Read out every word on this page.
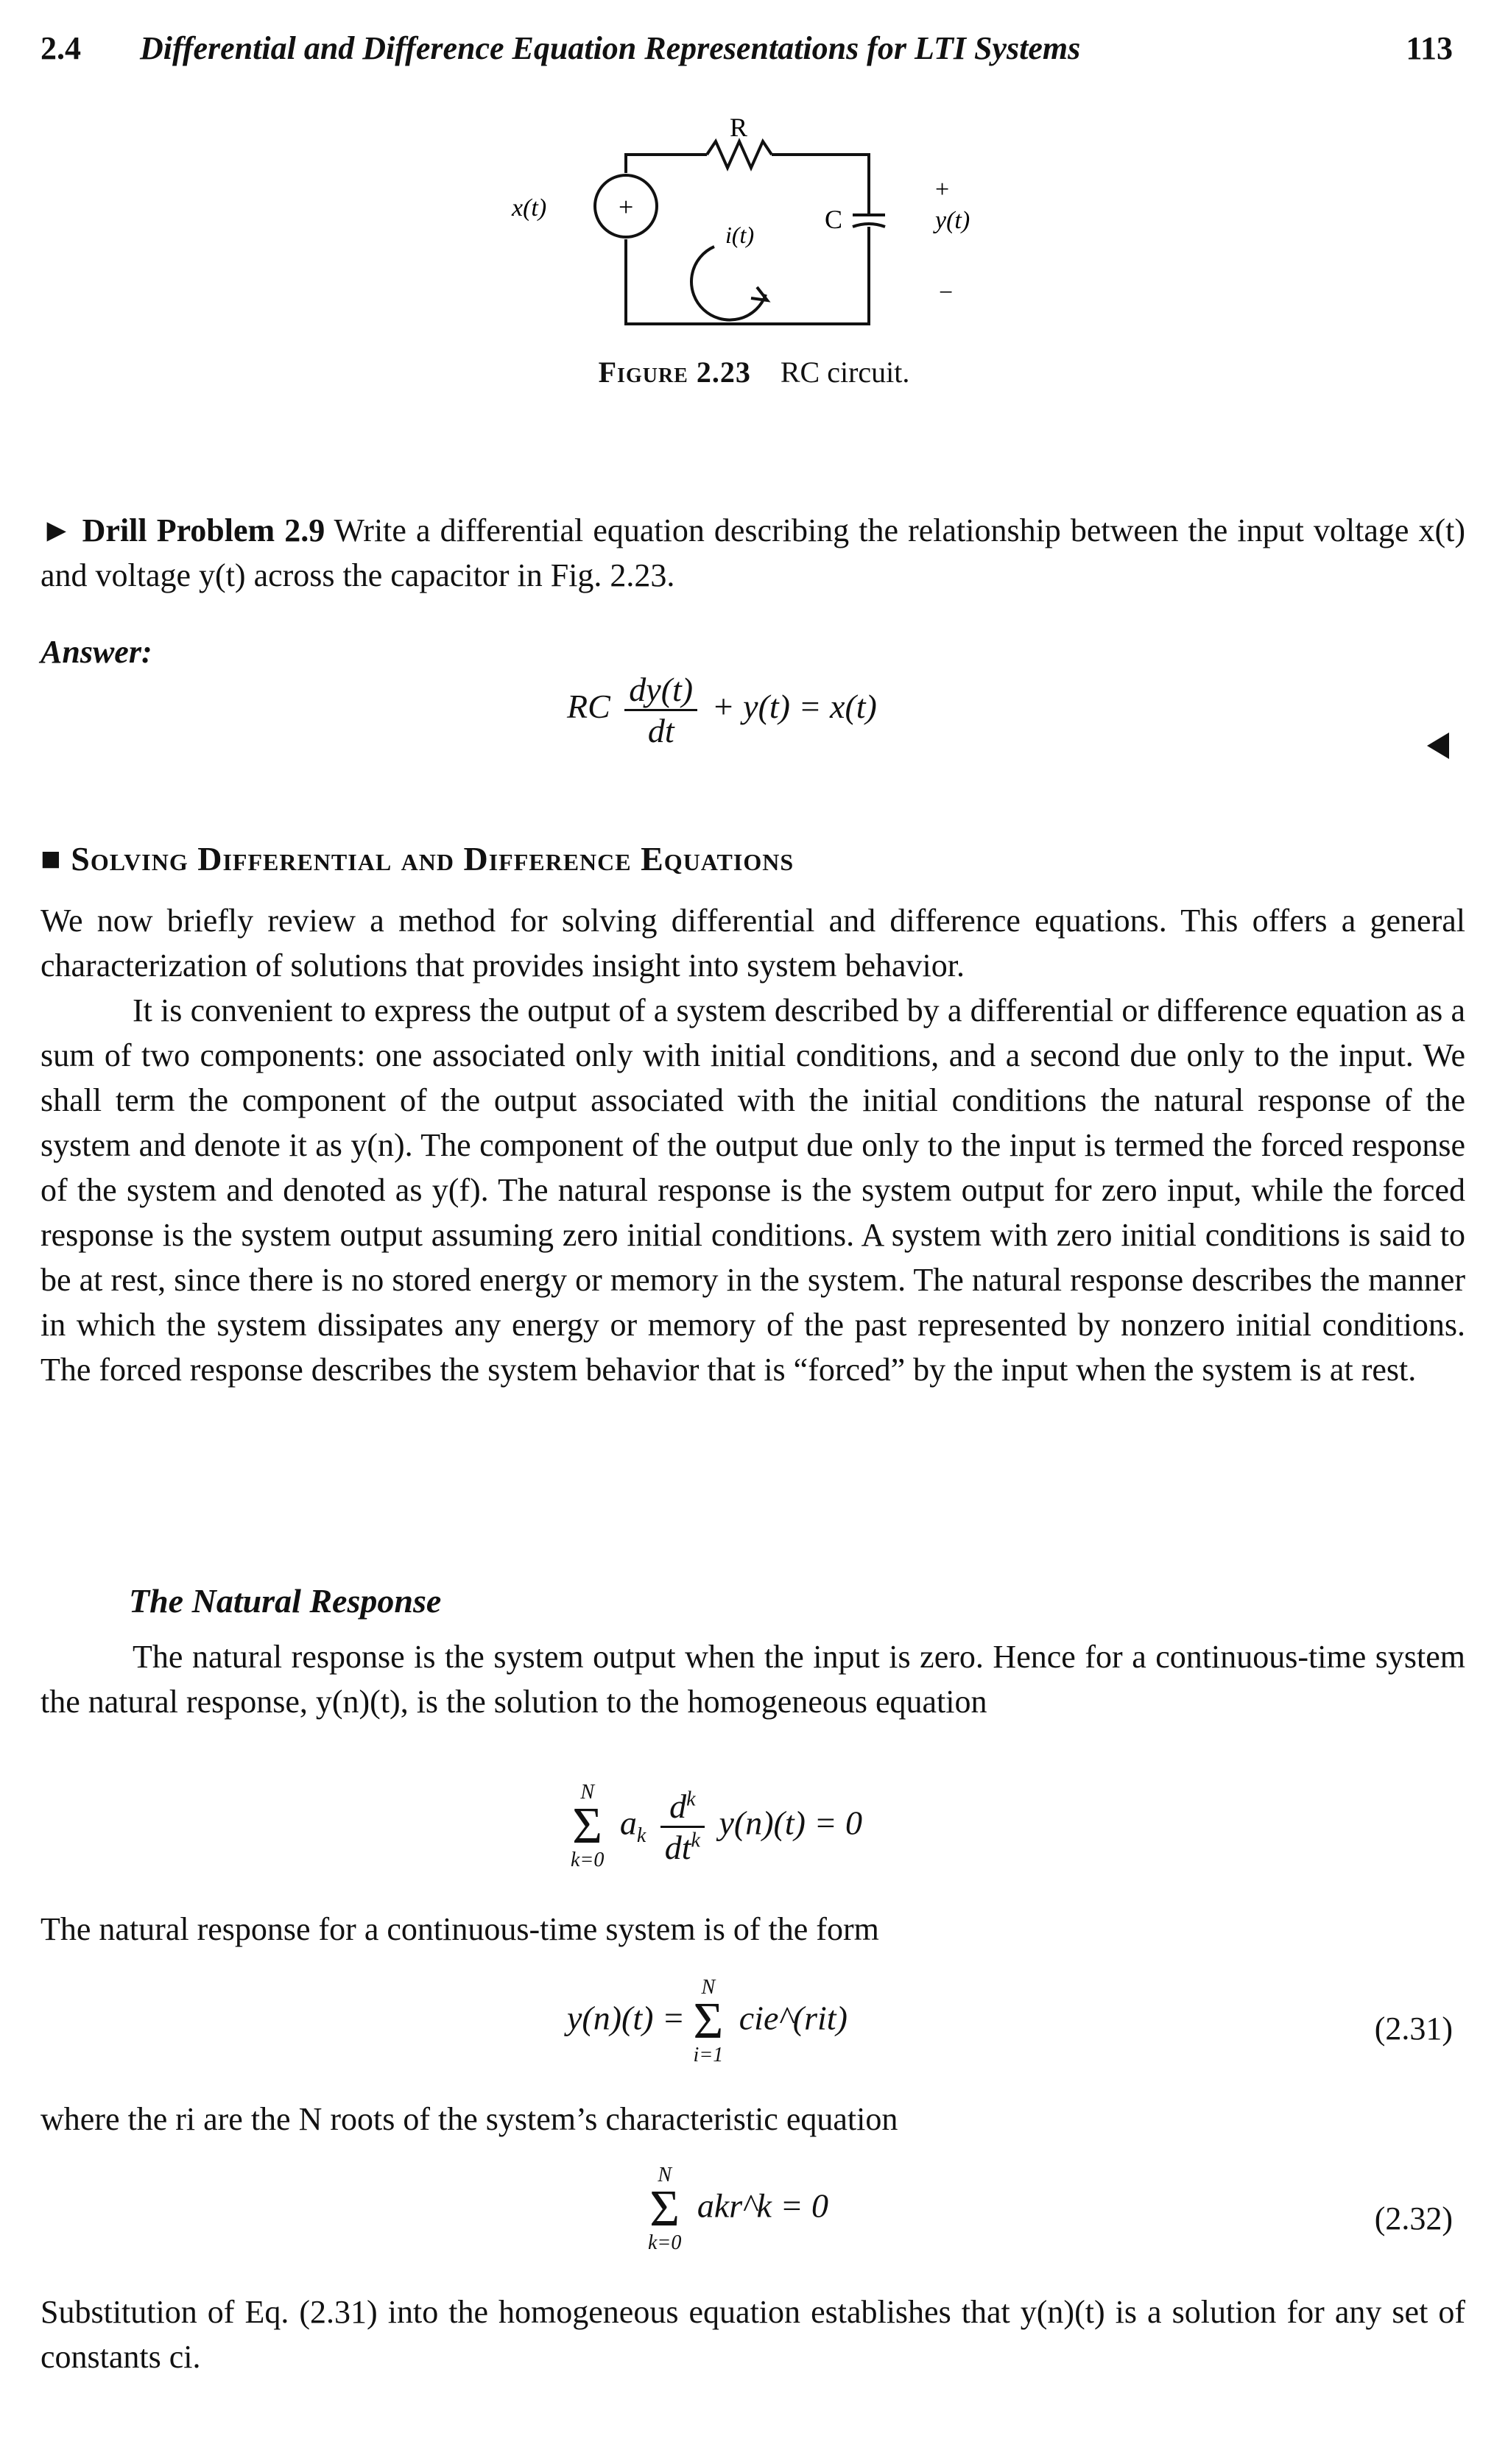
2.4 Differential and Difference Equation Representations for LTI Systems	113
R
+
x(t)
i(t)
C	y(t)
+
−
Figure 2.23 RC circuit.
► Drill Problem 2.9 Write a differential equation describing the relationship between the input voltage x(t) and voltage y(t) across the capacitor in Fig. 2.23.
Answer:
RC $\frac{dy(t)}{dt} + y(t) = x(t)$
■ Solving Differential and Difference Equations
We now briefly review a method for solving differential and difference equations. This offers a general characterization of solutions that provides insight into system behavior.
It is convenient to express the output of a system described by a differential or difference equation as a sum of two components: one associated only with initial conditions, and a second due only to the input. We shall term the component of the output associated with the initial conditions the natural response of the system and denote it as y(n). The component of the output due only to the input is termed the forced response of the system and denoted as y(f). The natural response is the system output for zero input, while the forced response is the system output assuming zero initial conditions. A system with zero initial conditions is said to be at rest, since there is no stored energy or memory in the system. The natural response describes the manner in which the system dissipates any energy or memory of the past represented by nonzero initial conditions. The forced response describes the system behavior that is “forced” by the input when the system is at rest.
The Natural Response
The natural response is the system output when the input is zero. Hence for a continuous-time system the natural response, y(n)(t), is the solution to the homogeneous equation
N
Σ
k=0
$a_k \frac{d^k}{dt^k} y(n)(t) = 0$
The natural response for a continuous-time system is of the form
y(n)(t) =
N
Σ
i=1
cie^(rit)	(2.31)
where the ri are the N roots of the system’s characteristic equation
N
Σ
k=0
akr^k = 0	(2.32)
Substitution of Eq. (2.31) into the homogeneous equation establishes that y(n)(t) is a solution for any set of constants ci.
